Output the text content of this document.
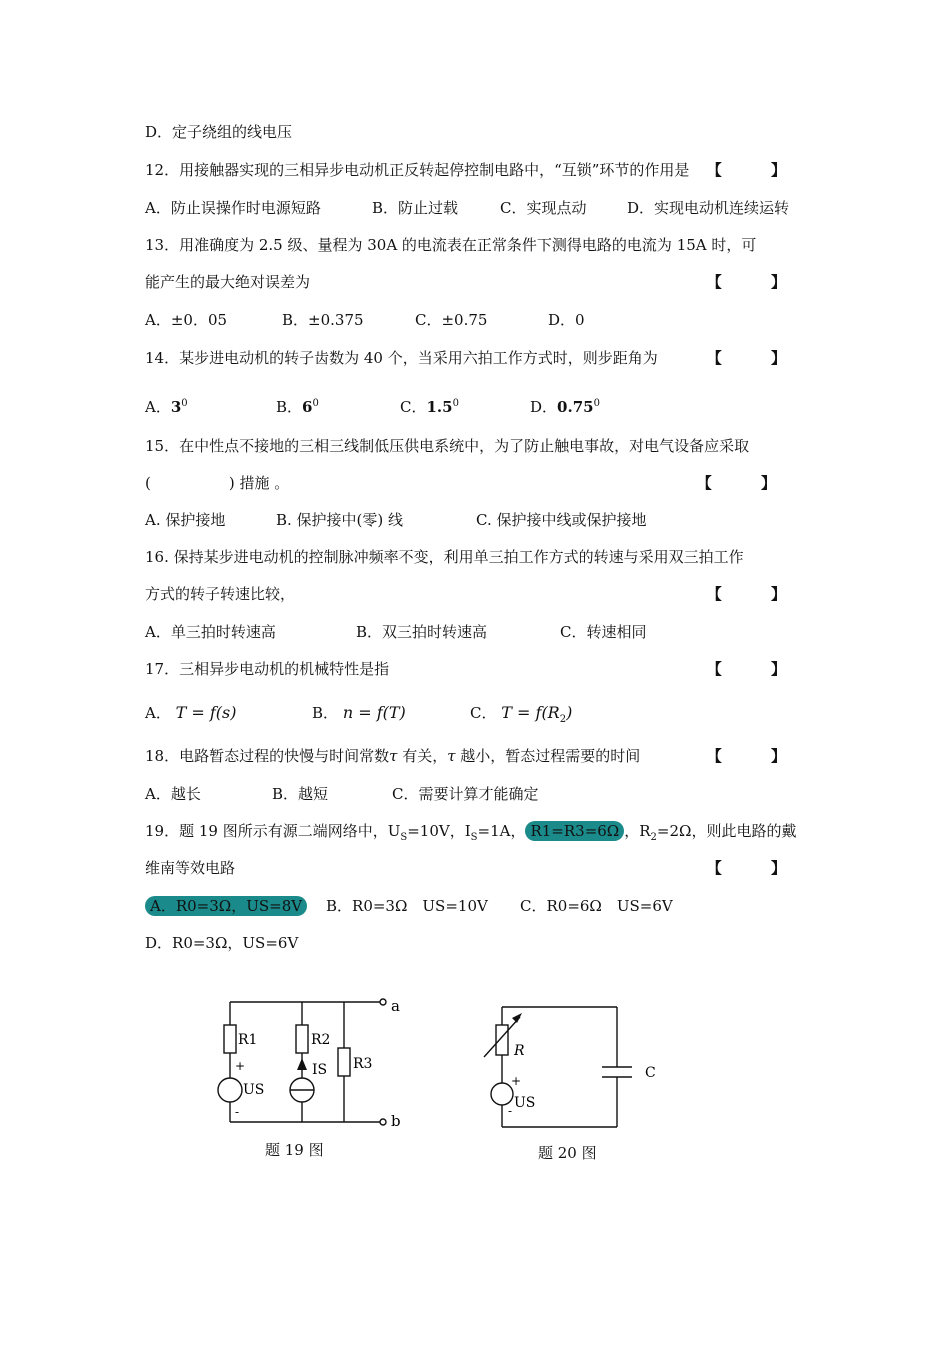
D．定子绕组的线电压
12．用接触器实现的三相异步电动机正反转起停控制电路中，“互锁”环节的作用是 【 】
A．防止误操作时电源短路	B．防止过载	C．实现点动	D．实现电动机连续运转
13．用准确度为 2.5 级、量程为 30A 的电流表在正常条件下测得电路的电流为 15A 时，可
能产生的最大绝对误差为	【 】
A．±0．05	B．±0.375	C．±0.75	D．0
14．某步进电动机的转子齿数为 40 个，当采用六拍工作方式时，则步距角为	【 】
A．$3^0$	B．$6^0$	C．$1.5^0$	D．0.75$^0$
15．在中性点不接地的三相三线制低压供电系统中，为了防止触电事故，对电气设备应采取
(	) 措施 。	【 】
A. 保护接地	B. 保护接中(零) 线	C. 保护接中线或保护接地
16. 保持某步进电动机的控制脉冲频率不变，利用单三拍工作方式的转速与采用双三拍工作
方式的转子转速比较，	【 】
A．单三拍时转速高	B．双三拍时转速高	C．转速相同
17．三相异步电动机的机械特性是指	【 】
A． T = f(s)	B． n = f(T)	C． $T = f(R_2)$
18．电路暂态过程的快慢与时间常数τ 有关，τ 越小，暂态过程需要的时间	【 】
A．越长	B．越短	C．需要计算才能确定
19．题 19 图所示有源二端网络中，$U_S=10V$，$I_S=1A$， R1=R3=6Ω ，$R_2=2\Omega$，则此电路的戴
维南等效电路	【 】
A．R0=3Ω，US=8V	B．R0=3Ω　US=10V C．R0=6Ω　US=6V
D．R0=3Ω，US=6V
R1	R2
R3
IS
US
+
-
a
b
题 19 图
R
C
US
+
-
题 20 图
